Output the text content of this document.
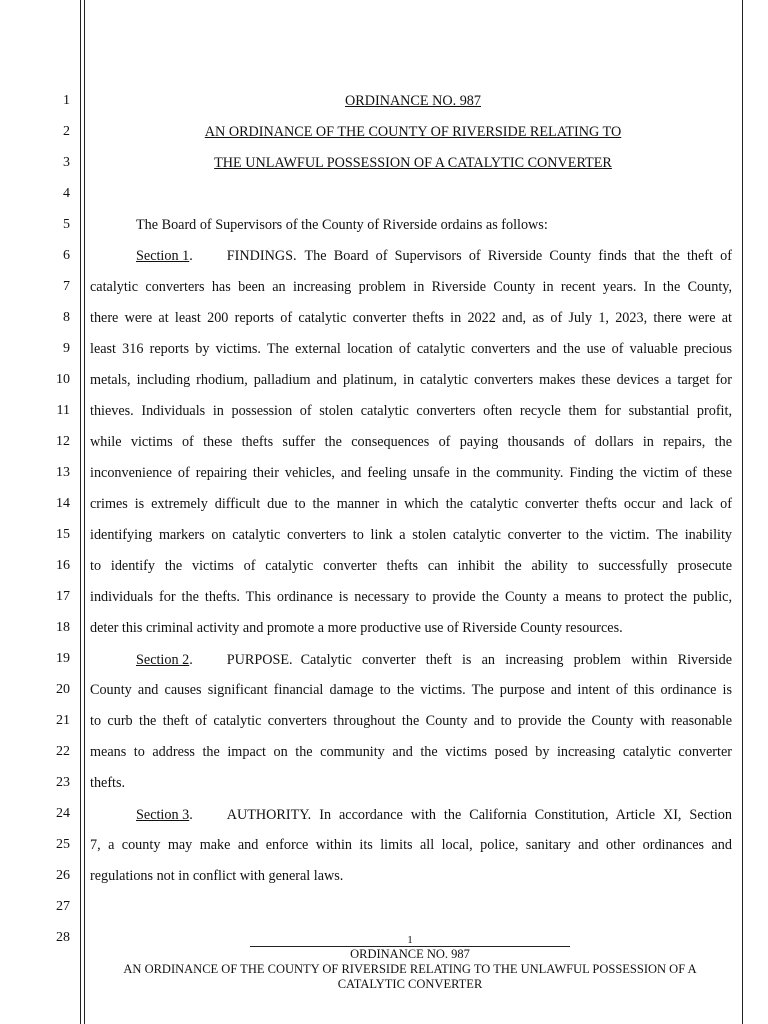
1
2
3
4
5
6
7
8
9
10
11
12
13
14
15
16
17
18
19
20
21
22
23
24
25
26
27
28
ORDINANCE NO. 987
AN ORDINANCE OF THE COUNTY OF RIVERSIDE RELATING TO
THE UNLAWFUL POSSESSION OF A CATALYTIC CONVERTER
The Board of Supervisors of the County of Riverside ordains as follows:
Section 1. FINDINGS. The Board of Supervisors of Riverside County finds that the theft of
catalytic converters has been an increasing problem in Riverside County in recent years. In the County,
there were at least 200 reports of catalytic converter thefts in 2022 and, as of July 1, 2023, there were at
least 316 reports by victims. The external location of catalytic converters and the use of valuable precious
metals, including rhodium, palladium and platinum, in catalytic converters makes these devices a target for
thieves. Individuals in possession of stolen catalytic converters often recycle them for substantial profit,
while victims of these thefts suffer the consequences of paying thousands of dollars in repairs, the
inconvenience of repairing their vehicles, and feeling unsafe in the community. Finding the victim of these
crimes is extremely difficult due to the manner in which the catalytic converter thefts occur and lack of
identifying markers on catalytic converters to link a stolen catalytic converter to the victim. The inability
to identify the victims of catalytic converter thefts can inhibit the ability to successfully prosecute
individuals for the thefts. This ordinance is necessary to provide the County a means to protect the public,
deter this criminal activity and promote a more productive use of Riverside County resources.
Section 2. PURPOSE. Catalytic converter theft is an increasing problem within Riverside
County and causes significant financial damage to the victims. The purpose and intent of this ordinance is
to curb the theft of catalytic converters throughout the County and to provide the County with reasonable
means to address the impact on the community and the victims posed by increasing catalytic converter
thefts.
Section 3. AUTHORITY. In accordance with the California Constitution, Article XI, Section
7, a county may make and enforce within its limits all local, police, sanitary and other ordinances and
regulations not in conflict with general laws.
1
ORDINANCE NO. 987
AN ORDINANCE OF THE COUNTY OF RIVERSIDE RELATING TO THE UNLAWFUL POSSESSION OF A
CATALYTIC CONVERTER
